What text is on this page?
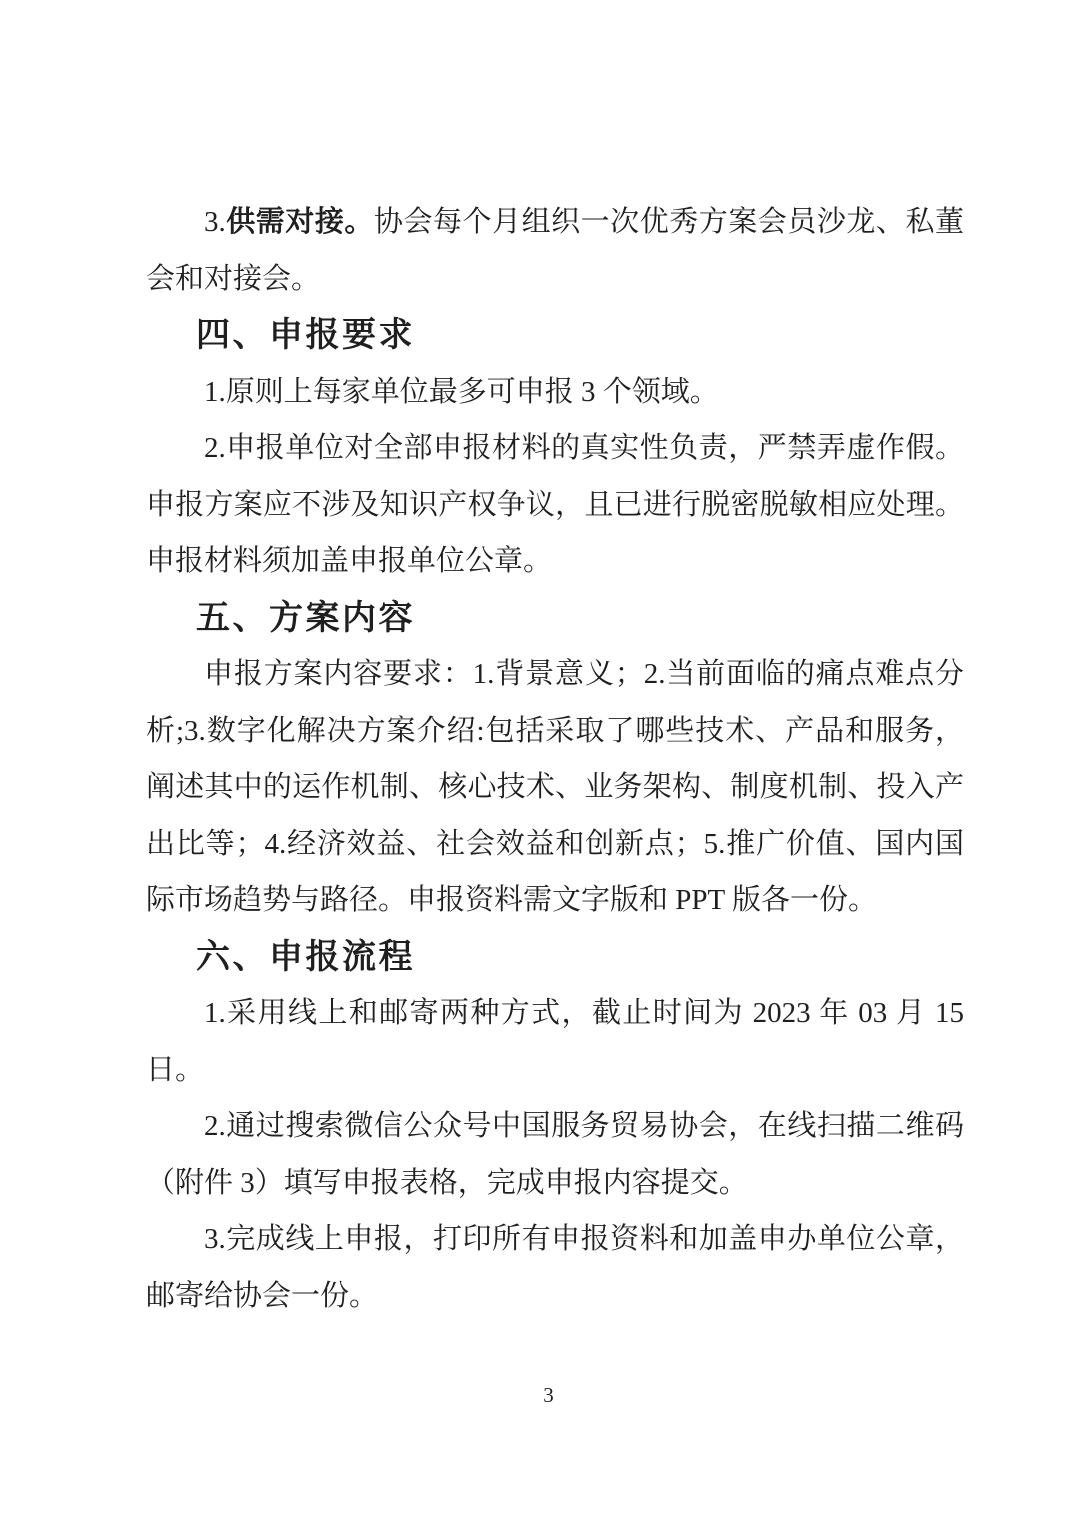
3.供需对接。协会每个月组织一次优秀方案会员沙龙、私董
会和对接会。
四、申报要求
1.原则上每家单位最多可申报 3 个领域。
2.申报单位对全部申报材料的真实性负责，严禁弄虚作假。
申报方案应不涉及知识产权争议，且已进行脱密脱敏相应处理。
申报材料须加盖申报单位公章。
五、方案内容
申报方案内容要求：1.背景意义；2.当前面临的痛点难点分
析;3.数字化解决方案介绍:包括采取了哪些技术、产品和服务，
阐述其中的运作机制、核心技术、业务架构、制度机制、投入产
出比等；4.经济效益、社会效益和创新点；5.推广价值、国内国
际市场趋势与路径。申报资料需文字版和 PPT 版各一份。
六、申报流程
1.采用线上和邮寄两种方式，截止时间为 2023 年 03 月 15
日。
2.通过搜索微信公众号中国服务贸易协会，在线扫描二维码
（附件 3）填写申报表格，完成申报内容提交。
3.完成线上申报，打印所有申报资料和加盖申办单位公章，
邮寄给协会一份。
3
